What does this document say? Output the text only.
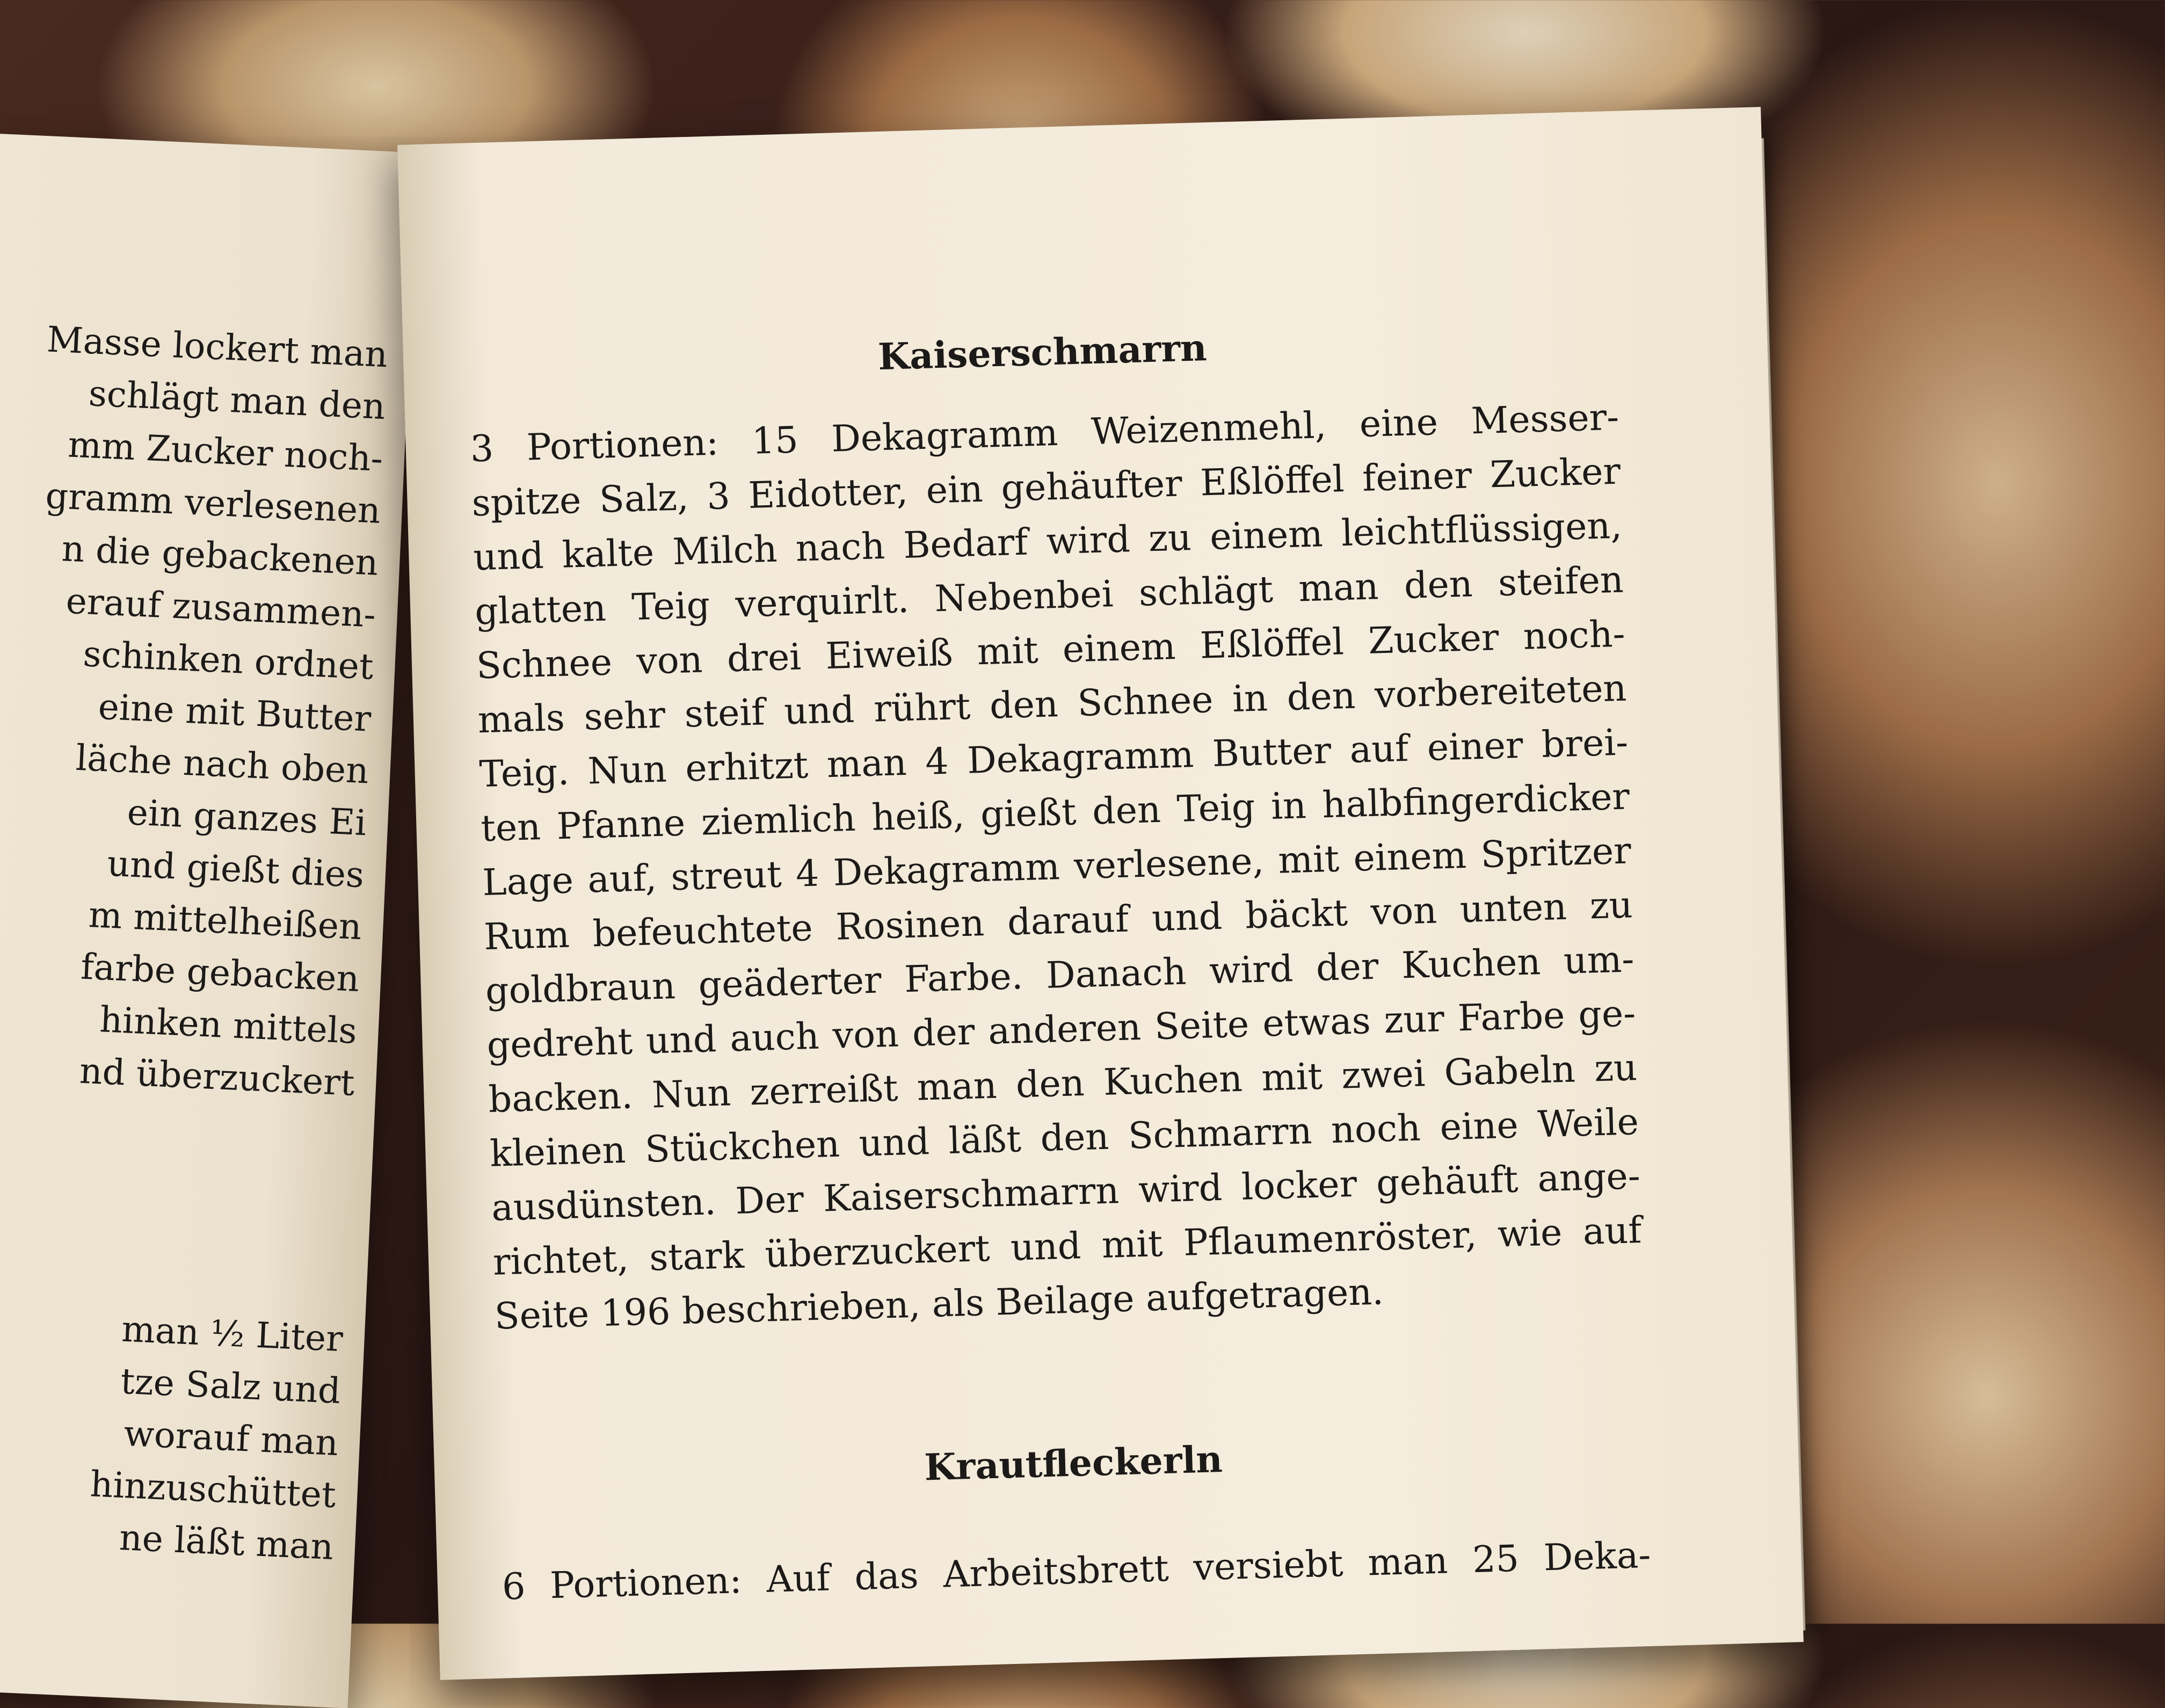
Masse lockert man
schlägt man den
mm Zucker noch-
gramm verlesenen
n die gebackenen
erauf zusammen-
schinken ordnet
eine mit Butter
läche nach oben
ein ganzes Ei
und gießt dies
m mittelheißen
farbe gebacken
hinken mittels
nd überzuckert
man ½ Liter
tze Salz und
worauf man
hinzuschüttet
ne läßt man
Kaiserschmarrn
3 Portionen: 15 Dekagramm Weizenmehl, eine Messer-
spitze Salz, 3 Eidotter, ein gehäufter Eßlöffel feiner Zucker
und kalte Milch nach Bedarf wird zu einem leichtflüssigen,
glatten Teig verquirlt. Nebenbei schlägt man den steifen
Schnee von drei Eiweiß mit einem Eßlöffel Zucker noch-
mals sehr steif und rührt den Schnee in den vorbereiteten
Teig. Nun erhitzt man 4 Dekagramm Butter auf einer brei-
ten Pfanne ziemlich heiß, gießt den Teig in halbfingerdicker
Lage auf, streut 4 Dekagramm verlesene, mit einem Spritzer
Rum befeuchtete Rosinen darauf und bäckt von unten zu
goldbraun geäderter Farbe. Danach wird der Kuchen um-
gedreht und auch von der anderen Seite etwas zur Farbe ge-
backen. Nun zerreißt man den Kuchen mit zwei Gabeln zu
kleinen Stückchen und läßt den Schmarrn noch eine Weile
ausdünsten. Der Kaiserschmarrn wird locker gehäuft ange-
richtet, stark überzuckert und mit Pflaumenröster, wie auf
Seite 196 beschrieben, als Beilage aufgetragen.
Krautfleckerln
6 Portionen: Auf das Arbeitsbrett versiebt man 25 Deka-
